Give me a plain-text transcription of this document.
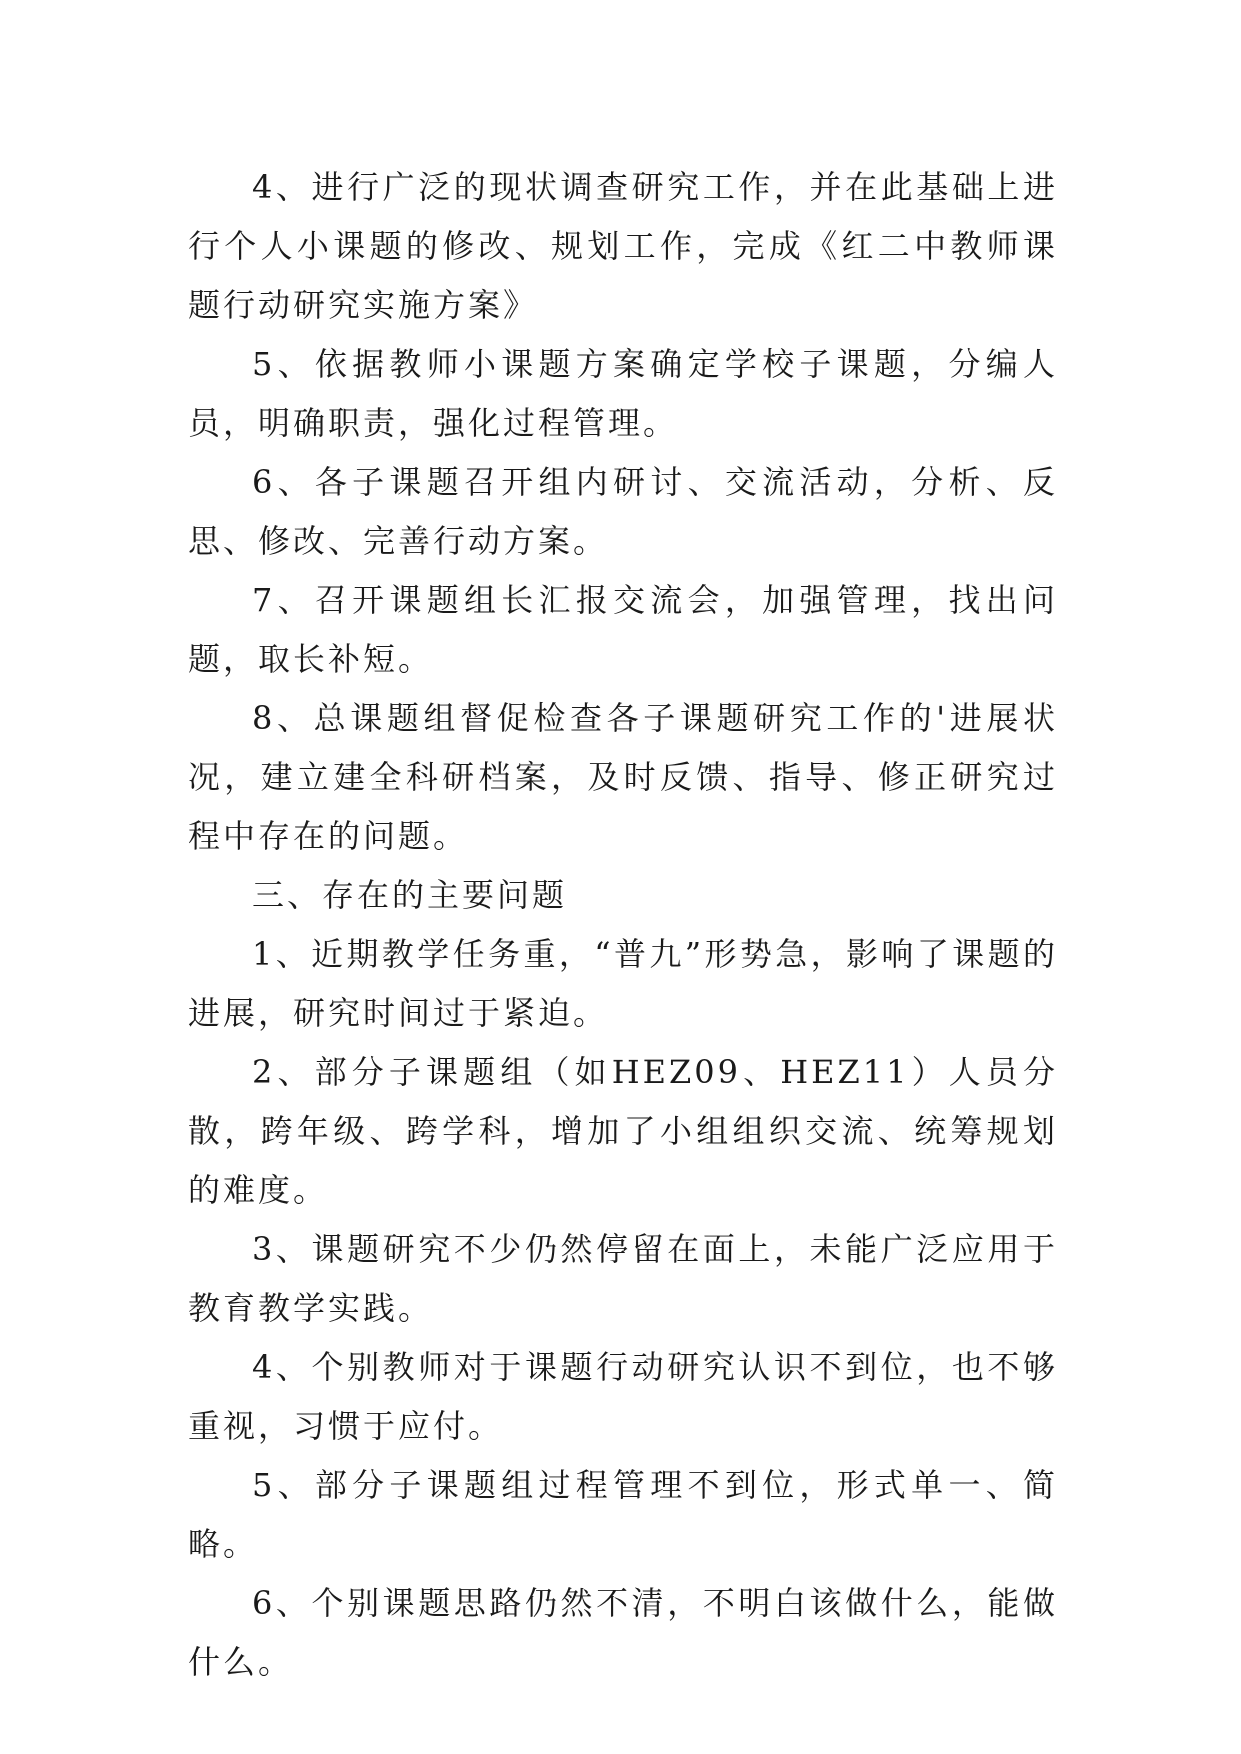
4、进行广泛的现状调查研究工作，并在此基础上进行个人小课题的修改、规划工作，完成《红二中教师课题行动研究实施方案》

5、依据教师小课题方案确定学校子课题，分编人员，明确职责，强化过程管理。

6、各子课题召开组内研讨、交流活动，分析、反思、修改、完善行动方案。

7、召开课题组长汇报交流会，加强管理，找出问题，取长补短。

8、总课题组督促检查各子课题研究工作的'进展状况，建立建全科研档案，及时反馈、指导、修正研究过程中存在的问题。

三、存在的主要问题

1、近期教学任务重，“普九”形势急，影响了课题的进展，研究时间过于紧迫。

2、部分子课题组（如HEZ09、HEZ11）人员分散，跨年级、跨学科，增加了小组组织交流、统筹规划的难度。

3、课题研究不少仍然停留在面上，未能广泛应用于教育教学实践。

4、个别教师对于课题行动研究认识不到位，也不够重视，习惯于应付。

5、部分子课题组过程管理不到位，形式单一、简略。

6、个别课题思路仍然不清，不明白该做什么，能做什么。
